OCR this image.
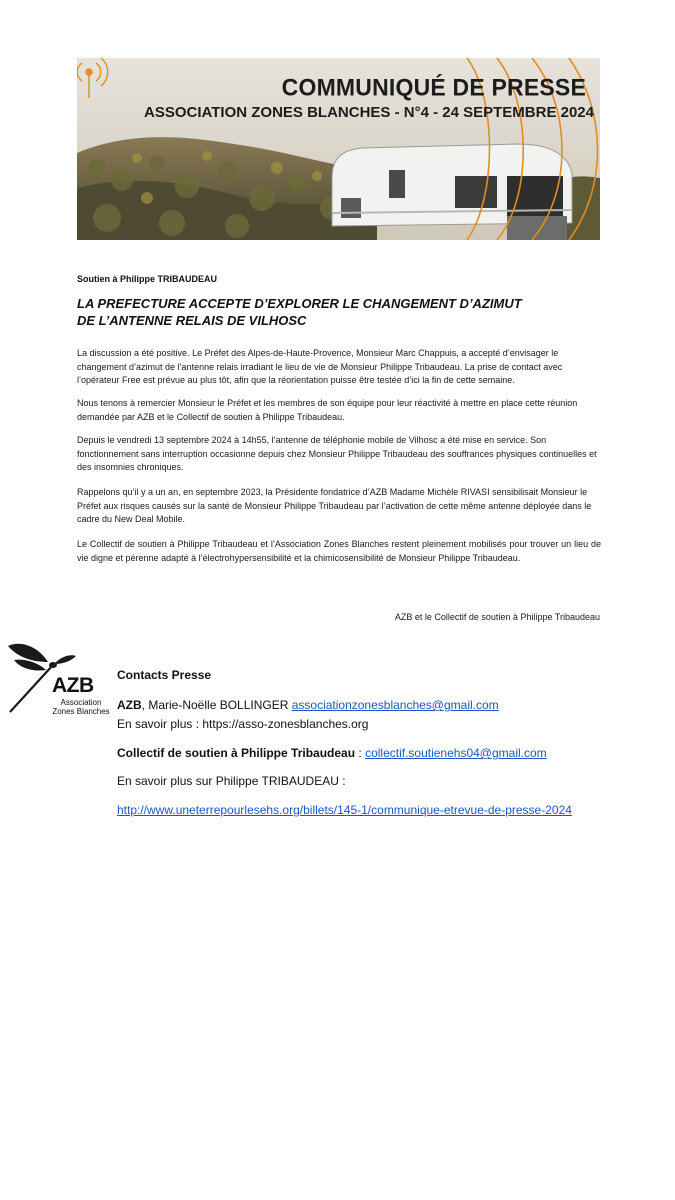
COMMUNIQUÉ DE PRESSE
ASSOCIATION ZONES BLANCHES - N°4 - 24 SEPTEMBRE 2024
Soutien à Philippe TRIBAUDEAU
LA PREFECTURE ACCEPTE D’EXPLORER LE CHANGEMENT D’AZIMUT
DE L’ANTENNE RELAIS DE VILHOSC

La discussion a été positive. Le Préfet des Alpes-de-Haute-Provence, Monsieur Marc Chappuis, a accepté d’envisager le changement d’azimut de l’antenne relais irradiant le lieu de vie de Monsieur Philippe Tribaudeau. La prise de contact avec l’opérateur Free est prévue au plus tôt, afin que la réorientation puisse être testée d’ici la fin de cette semaine.

Nous tenons à remercier Monsieur le Préfet et les membres de son équipe pour leur réactivité à mettre en place cette réunion demandée par AZB et le Collectif de soutien à Philippe Tribaudeau.

Depuis le vendredi 13 septembre 2024 à 14h55, l’antenne de téléphonie mobile de Vilhosc a été mise en service. Son fonctionnement sans interruption occasionne depuis chez Monsieur Philippe Tribaudeau des souffrances physiques continuelles et des insomnies chroniques.

Rappelons qu’il y a un an, en septembre 2023, la Présidente fondatrice d’AZB Madame Michèle RIVASI sensibilisait Monsieur le Préfet aux risques causés sur la santé de Monsieur Philippe Tribaudeau par l’activation de cette même antenne déployée dans le cadre du New Deal Mobile.

Le Collectif de soutien à Philippe Tribaudeau et l’Association Zones Blanches restent pleinement mobilisés pour trouver un lieu de vie digne et pérenne adapté à l’électrohypersensibilité et la chimicosensibilité de Monsieur Philippe Tribaudeau.

AZB et le Collectif de soutien à Philippe Tribaudeau
AZB
Association
Zones Blanches
Contacts Presse
AZB, Marie-Noëlle BOLLINGER associationzonesblanches@gmail.com
En savoir plus : https://asso-zonesblanches.org
Collectif de soutien à Philippe Tribaudeau : collectif.soutienehs04@gmail.com
En savoir plus sur Philippe TRIBAUDEAU :
http://www.uneterrepourlesehs.org/billets/145-1/communique-etrevue-de-presse-2024
